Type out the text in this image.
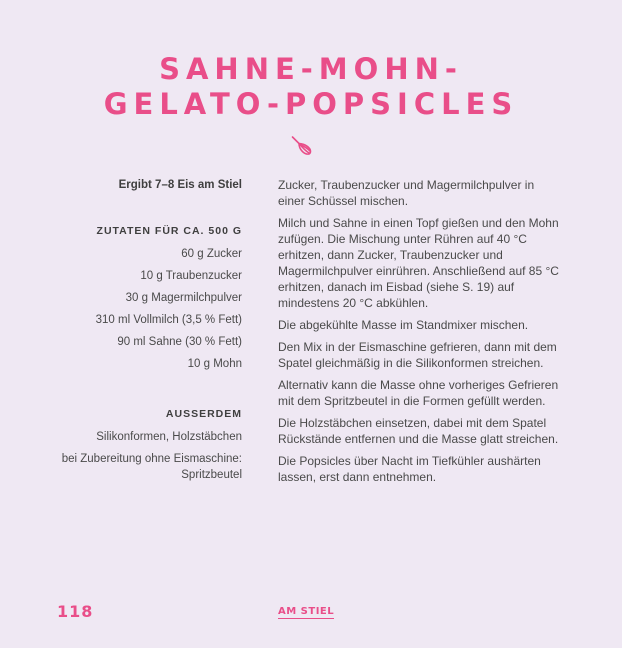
SAHNE-MOHN-
GELATO-POPSICLES
Ergibt 7–8 Eis am Stiel
ZUTATEN FÜR CA. 500 G
60 g Zucker
10 g Traubenzucker
30 g Magermilchpulver
310 ml Vollmilch (3,5 % Fett)
90 ml Sahne (30 % Fett)
10 g Mohn
AUSSERDEM
Silikonformen, Holzstäbchen
bei Zubereitung ohne Eismaschine: Spritzbeutel

Zucker, Traubenzucker und Magermilchpulver in einer Schüssel mischen.

Milch und Sahne in einen Topf gießen und den Mohn zufügen. Die Mischung unter Rühren auf 40 °C erhitzen, dann Zucker, Traubenzucker und Magermilchpulver einrühren. Anschließend auf 85 °C erhitzen, danach im Eisbad (siehe S. 19) auf mindestens 20 °C abkühlen.

Die abgekühlte Masse im Standmixer mischen.

Den Mix in der Eismaschine gefrieren, dann mit dem Spatel gleichmäßig in die Silikonformen streichen.

Alternativ kann die Masse ohne vorheriges Gefrieren mit dem Spritzbeutel in die Formen gefüllt werden.

Die Holzstäbchen einsetzen, dabei mit dem Spatel Rückstände entfernen und die Masse glatt streichen.

Die Popsicles über Nacht im Tiefkühler aushärten lassen, erst dann entnehmen.

118	AM STIEL
